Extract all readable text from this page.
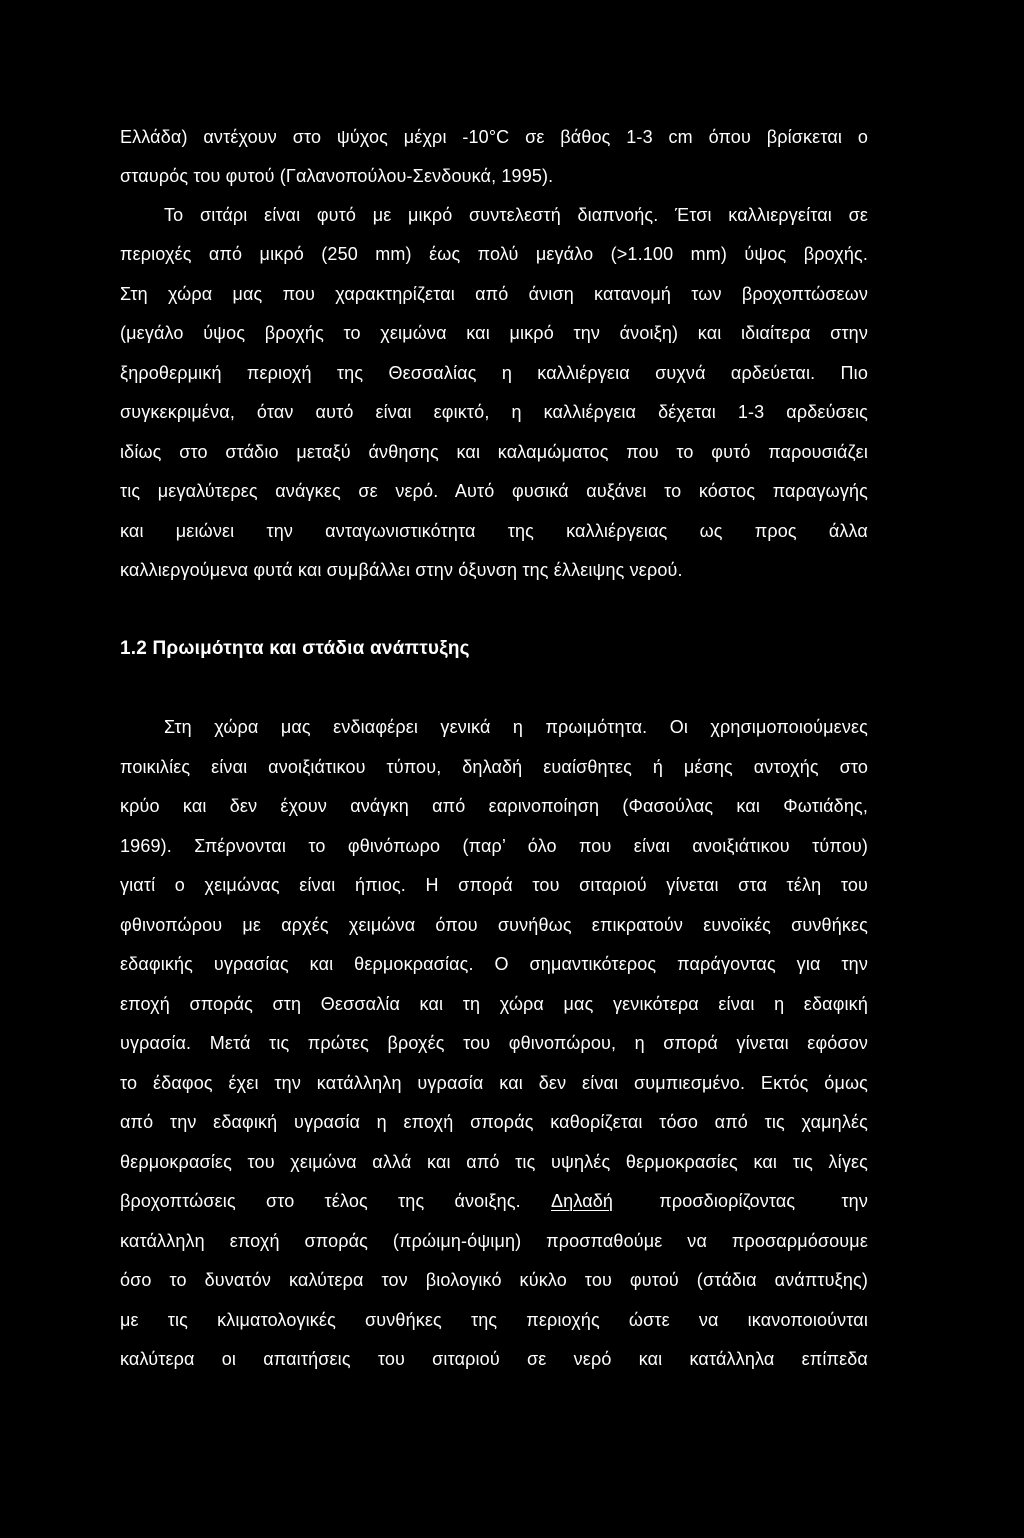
Ελλάδα) αντέχουν στο ψύχος μέχρι -10°C σε βάθος 1-3 cm όπου βρίσκεται ο
σταυρός του φυτού (Γαλανοπούλου-Σενδουκά, 1995).
Το σιτάρι είναι φυτό με μικρό συντελεστή διαπνοής. Έτσι καλλιεργείται σε
περιοχές από μικρό (250 mm) έως πολύ μεγάλο (>1.100 mm) ύψος βροχής.
Στη χώρα μας που χαρακτηρίζεται από άνιση κατανομή των βροχοπτώσεων
(μεγάλο ύψος βροχής το χειμώνα και μικρό την άνοιξη) και ιδιαίτερα στην
ξηροθερμική περιοχή της Θεσσαλίας η καλλιέργεια συχνά αρδεύεται. Πιο
συγκεκριμένα, όταν αυτό είναι εφικτό, η καλλιέργεια δέχεται 1-3 αρδεύσεις
ιδίως στο στάδιο μεταξύ άνθησης και καλαμώματος που το φυτό παρουσιάζει
τις μεγαλύτερες ανάγκες σε νερό. Αυτό φυσικά αυξάνει το κόστος παραγωγής
και μειώνει την ανταγωνιστικότητα της καλλιέργειας ως προς άλλα
καλλιεργούμενα φυτά και συμβάλλει στην όξυνση της έλλειψης νερού.
1.2 Πρωιμότητα και στάδια ανάπτυξης
Στη χώρα μας ενδιαφέρει γενικά η πρωιμότητα. Οι χρησιμοποιούμενες
ποικιλίες είναι ανοιξιάτικου τύπου, δηλαδή ευαίσθητες ή μέσης αντοχής στο
κρύο και δεν έχουν ανάγκη από εαρινοποίηση (Φασούλας και Φωτιάδης,
1969). Σπέρνονται το φθινόπωρο (παρ’ όλο που είναι ανοιξιάτικου τύπου)
γιατί ο χειμώνας είναι ήπιος. Η σπορά του σιταριού γίνεται στα τέλη του
φθινοπώρου με αρχές χειμώνα όπου συνήθως επικρατούν ευνοϊκές συνθήκες
εδαφικής υγρασίας και θερμοκρασίας. Ο σημαντικότερος παράγοντας για την
εποχή σποράς στη Θεσσαλία και τη χώρα μας γενικότερα είναι η εδαφική
υγρασία. Μετά τις πρώτες βροχές του φθινοπώρου, η σπορά γίνεται εφόσον
το έδαφος έχει την κατάλληλη υγρασία και δεν είναι συμπιεσμένο. Εκτός όμως
από την εδαφική υγρασία η εποχή σποράς καθορίζεται τόσο από τις χαμηλές
θερμοκρασίες του χειμώνα αλλά και από τις υψηλές θερμοκρασίες και τις λίγες
βροχοπτώσεις στο τέλος της άνοιξης. Δηλαδή προσδιορίζοντας την
κατάλληλη εποχή σποράς (πρώιμη-όψιμη) προσπαθούμε να προσαρμόσουμε
όσο το δυνατόν καλύτερα τον βιολογικό κύκλο του φυτού (στάδια ανάπτυξης)
με τις κλιματολογικές συνθήκες της περιοχής ώστε να ικανοποιούνται
καλύτερα οι απαιτήσεις του σιταριού σε νερό και κατάλληλα επίπεδα
